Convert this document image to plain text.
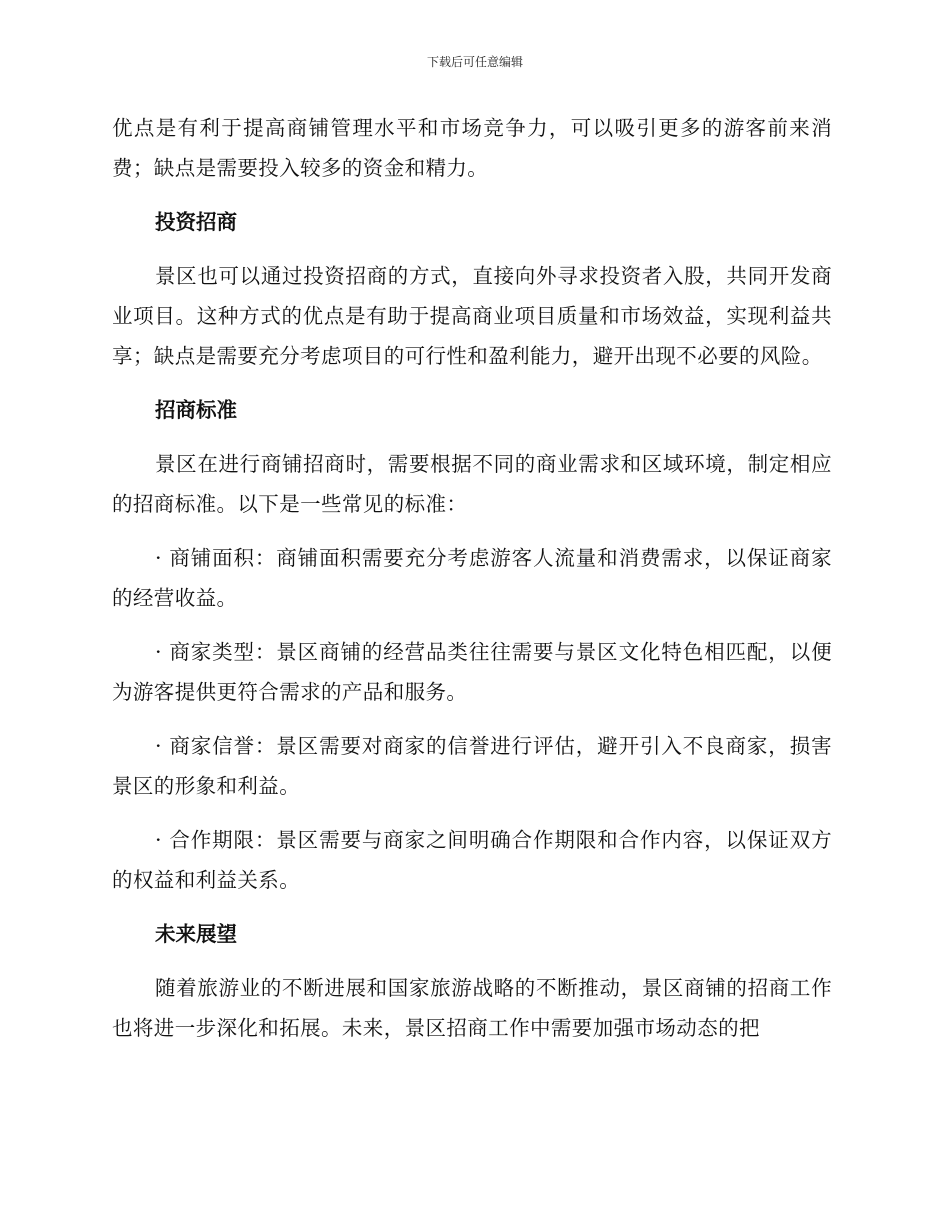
下载后可任意编辑

优点是有利于提高商铺管理水平和市场竞争力，可以吸引更多的游客前来消费；缺点是需要投入较多的资金和精力。

投资招商

景区也可以通过投资招商的方式，直接向外寻求投资者入股，共同开发商业项目。这种方式的优点是有助于提高商业项目质量和市场效益，实现利益共享；缺点是需要充分考虑项目的可行性和盈利能力，避开出现不必要的风险。

招商标准

景区在进行商铺招商时，需要根据不同的商业需求和区域环境，制定相应的招商标准。以下是一些常见的标准：

· 商铺面积：商铺面积需要充分考虑游客人流量和消费需求，以保证商家的经营收益。

· 商家类型：景区商铺的经营品类往往需要与景区文化特色相匹配，以便为游客提供更符合需求的产品和服务。

· 商家信誉：景区需要对商家的信誉进行评估，避开引入不良商家，损害景区的形象和利益。

· 合作期限：景区需要与商家之间明确合作期限和合作内容，以保证双方的权益和利益关系。

未来展望

随着旅游业的不断进展和国家旅游战略的不断推动，景区商铺的招商工作也将进一步深化和拓展。未来，景区招商工作中需要加强市场动态的把
